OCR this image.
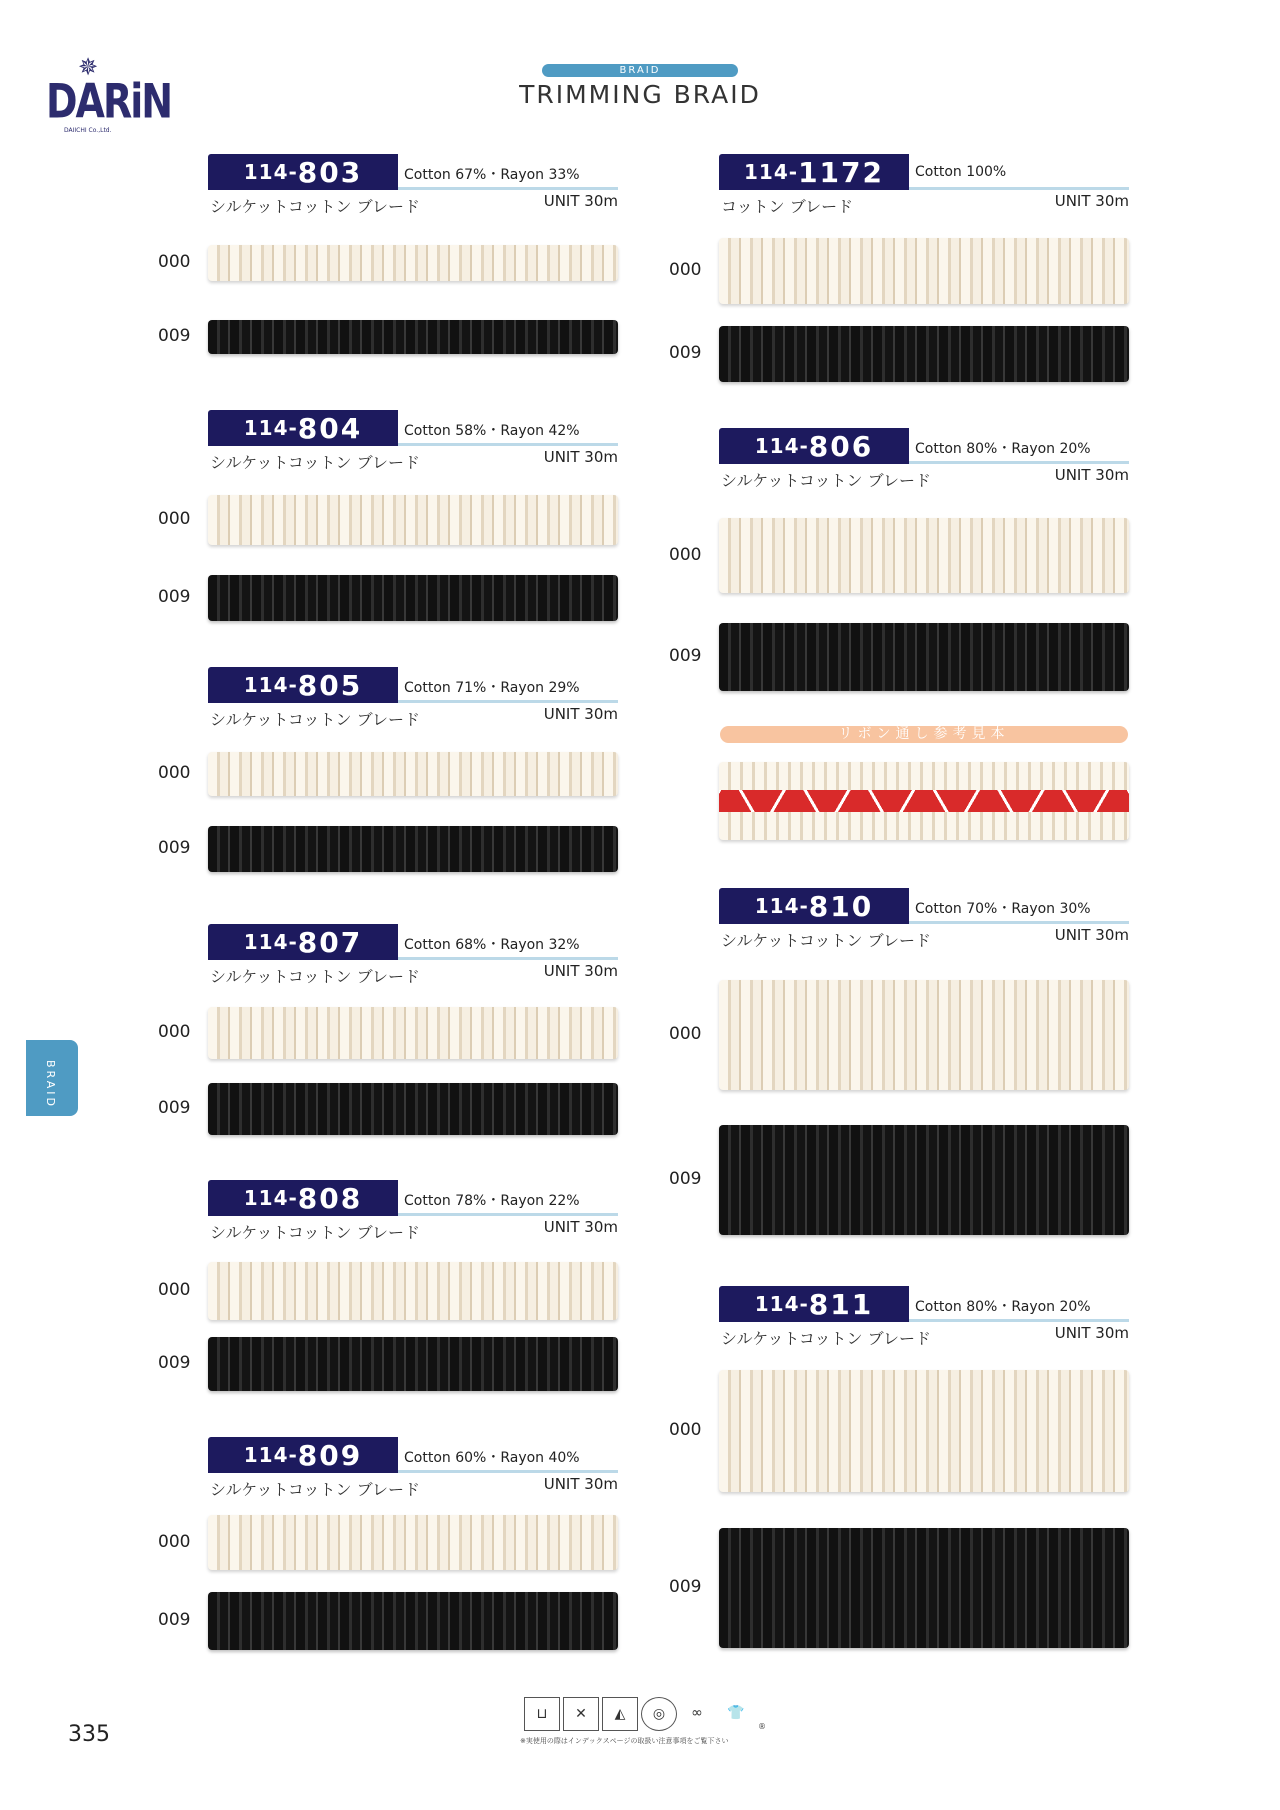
✵
DARiN
DAIICHI Co.,Ltd.
BRAID
TRIMMING BRAID
BRAID
114- 803	Cotton 67%・Rayon 33%
シルケットコットン ブレード	UNIT 30m
000
009
114- 804	Cotton 58%・Rayon 42%
シルケットコットン ブレード	UNIT 30m
000
009
114- 805	Cotton 71%・Rayon 29%
シルケットコットン ブレード	UNIT 30m
000
009
114- 807	Cotton 68%・Rayon 32%
シルケットコットン ブレード	UNIT 30m
000
009
114- 808	Cotton 78%・Rayon 22%
シルケットコットン ブレード	UNIT 30m
000
009
114- 809	Cotton 60%・Rayon 40%
シルケットコットン ブレード	UNIT 30m
000
009
114- 1172 Cotton 100%
コットン ブレード	UNIT 30m
000
009
114- 806	Cotton 80%・Rayon 20%
シルケットコットン ブレード	UNIT 30m
000
009
114- 810	Cotton 70%・Rayon 30%
シルケットコットン ブレード	UNIT 30m
000
009
114- 811	Cotton 80%・Rayon 20%
シルケットコットン ブレード	UNIT 30m
000
009
リボン通し参考見本
335
⊔	✕	◭	◎	∞	👕
※実使用の際はインデックスページの取扱い注意事項をご覧下さい
®
